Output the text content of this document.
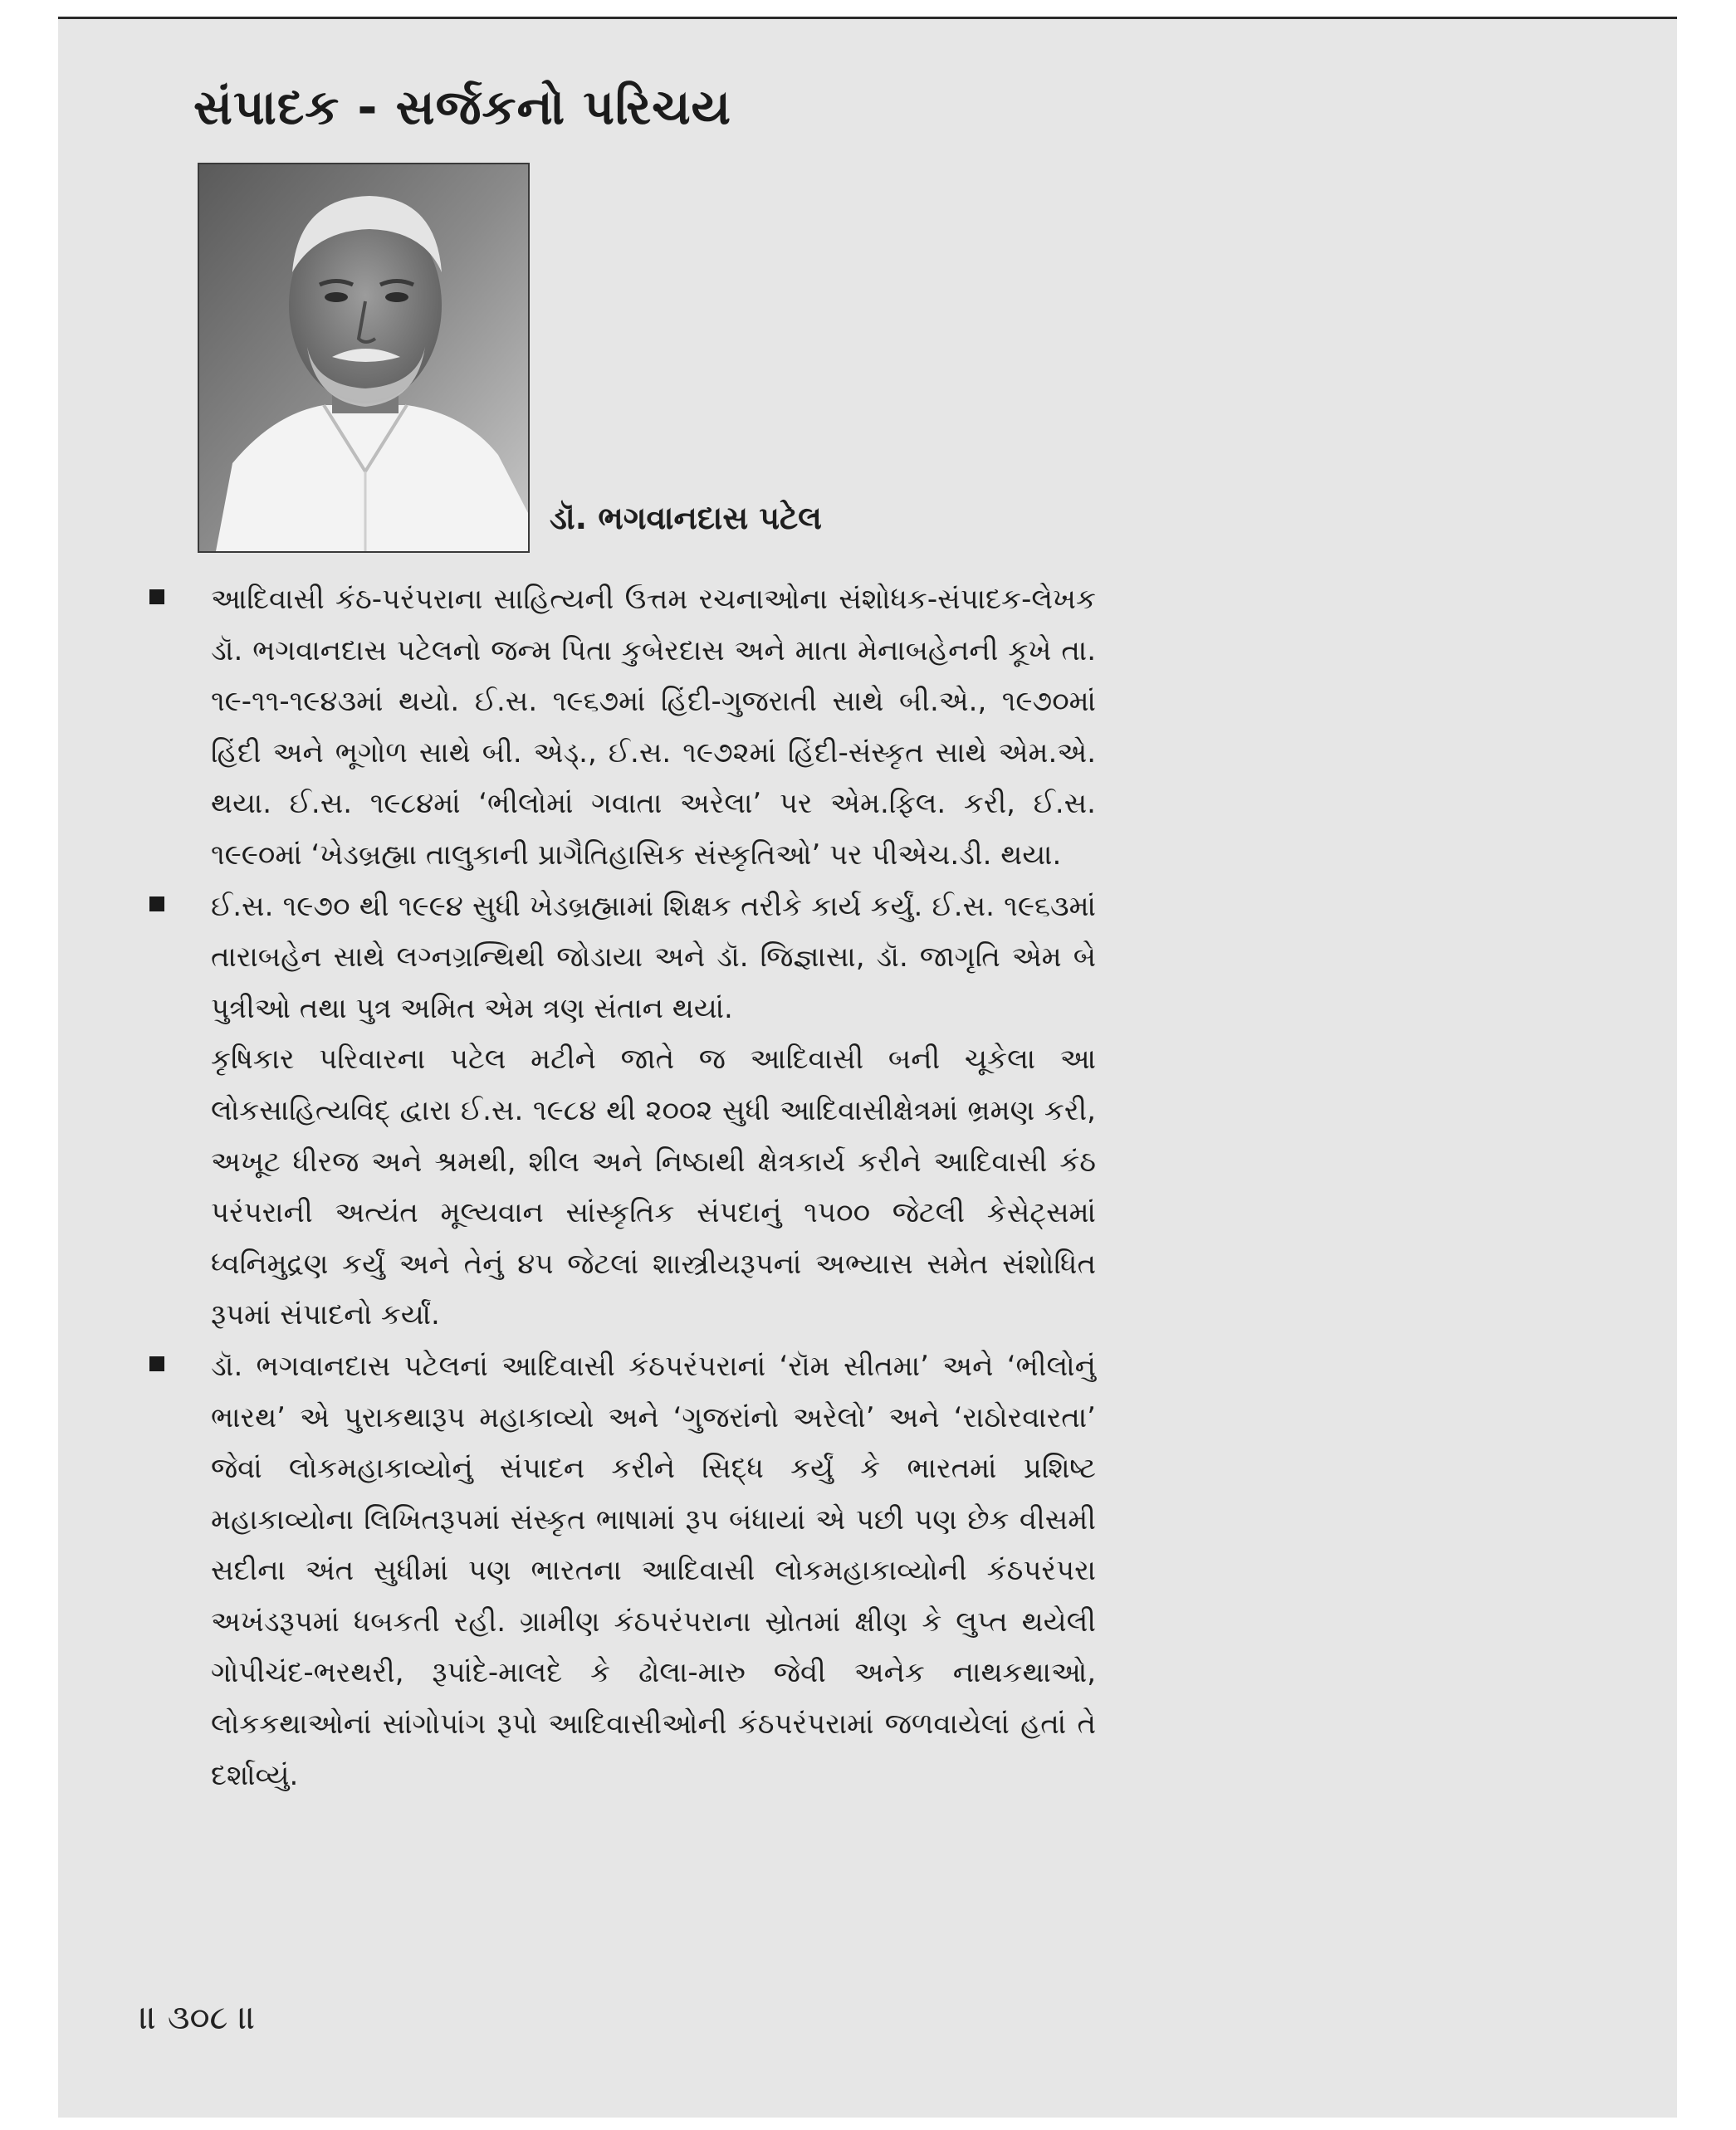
સંપાદક - સર્જકનો પરિચય
ડૉ. ભગવાનદાસ પટેલ

આદિવાસી કંઠ-પરંપરાના સાહિત્યની ઉત્તમ રચનાઓના સંશોધક-સંપાદક-લેખક ડૉ. ભગવાનદાસ પટેલનો જન્મ પિતા કુબેરદાસ અને માતા મેનાબહેનની કૂખે તા. ૧૯-૧૧-૧૯૪૩માં થયો. ઈ.સ. ૧૯૬૭માં હિંદી-ગુજરાતી સાથે બી.એ., ૧૯૭૦માં હિંદી અને ભૂગોળ સાથે બી. એડ્., ઈ.સ. ૧૯૭૨માં હિંદી-સંસ્કૃત સાથે એમ.એ. થયા. ઈ.સ. ૧૯૮૪માં ‘ભીલોમાં ગવાતા અરેલા’ પર એમ.ફિલ. કરી, ઈ.સ. ૧૯૯૦માં ‘ખેડબ્રહ્મા તાલુકાની પ્રાગૈતિહાસિક સંસ્કૃતિઓ’ પર પીએચ.ડી. થયા.

ઈ.સ. ૧૯૭૦ થી ૧૯૯૪ સુધી ખેડબ્રહ્મામાં શિક્ષક તરીકે કાર્ય કર્યું. ઈ.સ. ૧૯૬૩માં તારાબહેન સાથે લગ્નગ્રન્થિથી જોડાયા અને ડૉ. જિજ્ઞાસા, ડૉ. જાગૃતિ એમ બે પુત્રીઓ તથા પુત્ર અમિત એમ ત્રણ સંતાન થયાં.

કૃષિકાર પરિવારના પટેલ મટીને જાતે જ આદિવાસી બની ચૂકેલા આ લોકસાહિત્યવિદ્ દ્વારા ઈ.સ. ૧૯૮૪ થી ૨૦૦૨ સુધી આદિવાસીક્ષેત્રમાં ભ્રમણ કરી, અખૂટ ધીરજ અને શ્રમથી, શીલ અને નિષ્ઠાથી ક્ષેત્રકાર્ય કરીને આદિવાસી કંઠ પરંપરાની અત્યંત મૂલ્યવાન સાંસ્કૃતિક સંપદાનું ૧૫૦૦ જેટલી કેસેટ્સમાં ધ્વનિમુદ્રણ કર્યું અને તેનું ૪૫ જેટલાં શાસ્ત્રીયરૂપનાં અભ્યાસ સમેત સંશોધિત રૂપમાં સંપાદનો કર્યાં.

ડૉ. ભગવાનદાસ પટેલનાં આદિવાસી કંઠપરંપરાનાં ‘રૉમ સીતમા’ અને ‘ભીલોનું ભારથ’ એ પુરાકથારૂપ મહાકાવ્યો અને ‘ગુજરાંનો અરેલો’ અને ‘રાઠોરવારતા’ જેવાં લોકમહાકાવ્યોનું સંપાદન કરીને સિદ્ધ કર્યું કે ભારતમાં પ્રશિષ્ટ મહાકાવ્યોના લિખિતરૂપમાં સંસ્કૃત ભાષામાં રૂપ બંધાયાં એ પછી પણ છેક વીસમી સદીના અંત સુધીમાં પણ ભારતના આદિવાસી લોકમહાકાવ્યોની કંઠપરંપરા અખંડરૂપમાં ધબકતી રહી. ગ્રામીણ કંઠપરંપરાના સ્રોતમાં ક્ષીણ કે લુપ્ત થયેલી ગોપીચંદ-ભરથરી, રૂપાંદે-માલદે કે ઢોલા-મારુ જેવી અનેક નાથકથાઓ, લોકકથાઓનાં સાંગોપાંગ રૂપો આદિવાસીઓની કંઠપરંપરામાં જળવાયેલાં હતાં તે દર્શાવ્યું.

॥ ૩૦૮ ॥
